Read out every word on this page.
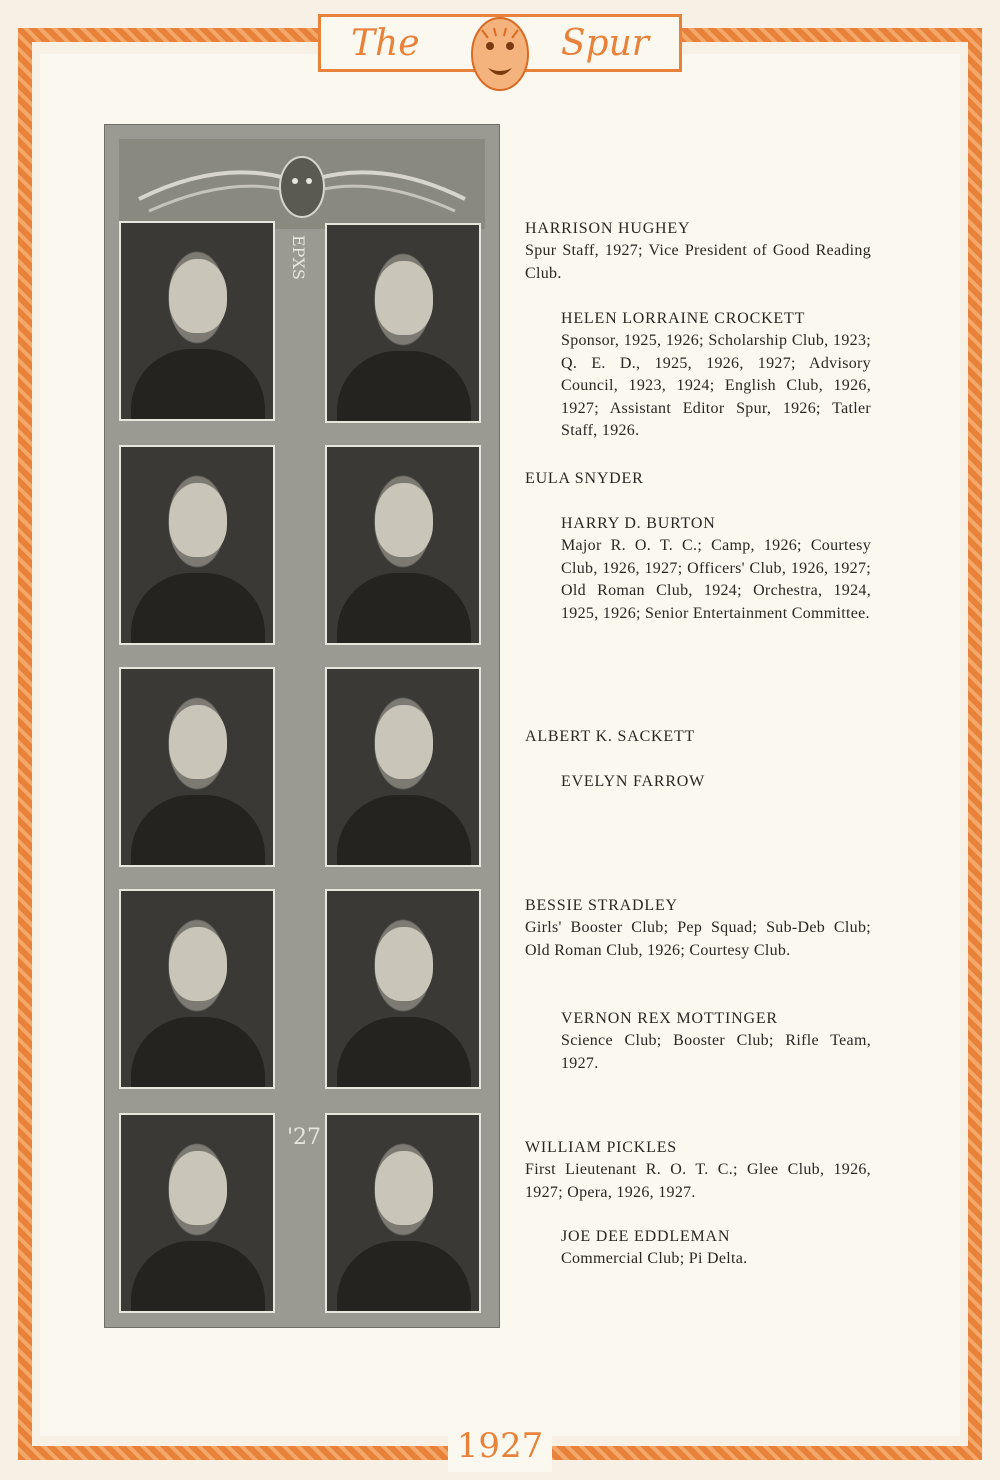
The	Spur
1927
EPXS
'27
HARRISON HUGHEY
Spur Staff, 1927; Vice President of Good Reading Club.
HELEN LORRAINE CROCKETT
Sponsor, 1925, 1926; Scholarship Club, 1923; Q. E. D., 1925, 1926, 1927; Advisory Council, 1923, 1924; English Club, 1926, 1927; Assistant Editor Spur, 1926; Tatler Staff, 1926.
EULA SNYDER
HARRY D. BURTON
Major R. O. T. C.; Camp, 1926; Courtesy Club, 1926, 1927; Officers' Club, 1926, 1927; Old Roman Club, 1924; Orchestra, 1924, 1925, 1926; Senior Entertainment Committee.
ALBERT K. SACKETT
EVELYN FARROW
BESSIE STRADLEY
Girls' Booster Club; Pep Squad; Sub-Deb Club; Old Roman Club, 1926; Courtesy Club.
VERNON REX MOTTINGER
Science Club; Booster Club; Rifle Team, 1927.
WILLIAM PICKLES
First Lieutenant R. O. T. C.; Glee Club, 1926, 1927; Opera, 1926, 1927.
JOE DEE EDDLEMAN
Commercial Club; Pi Delta.
